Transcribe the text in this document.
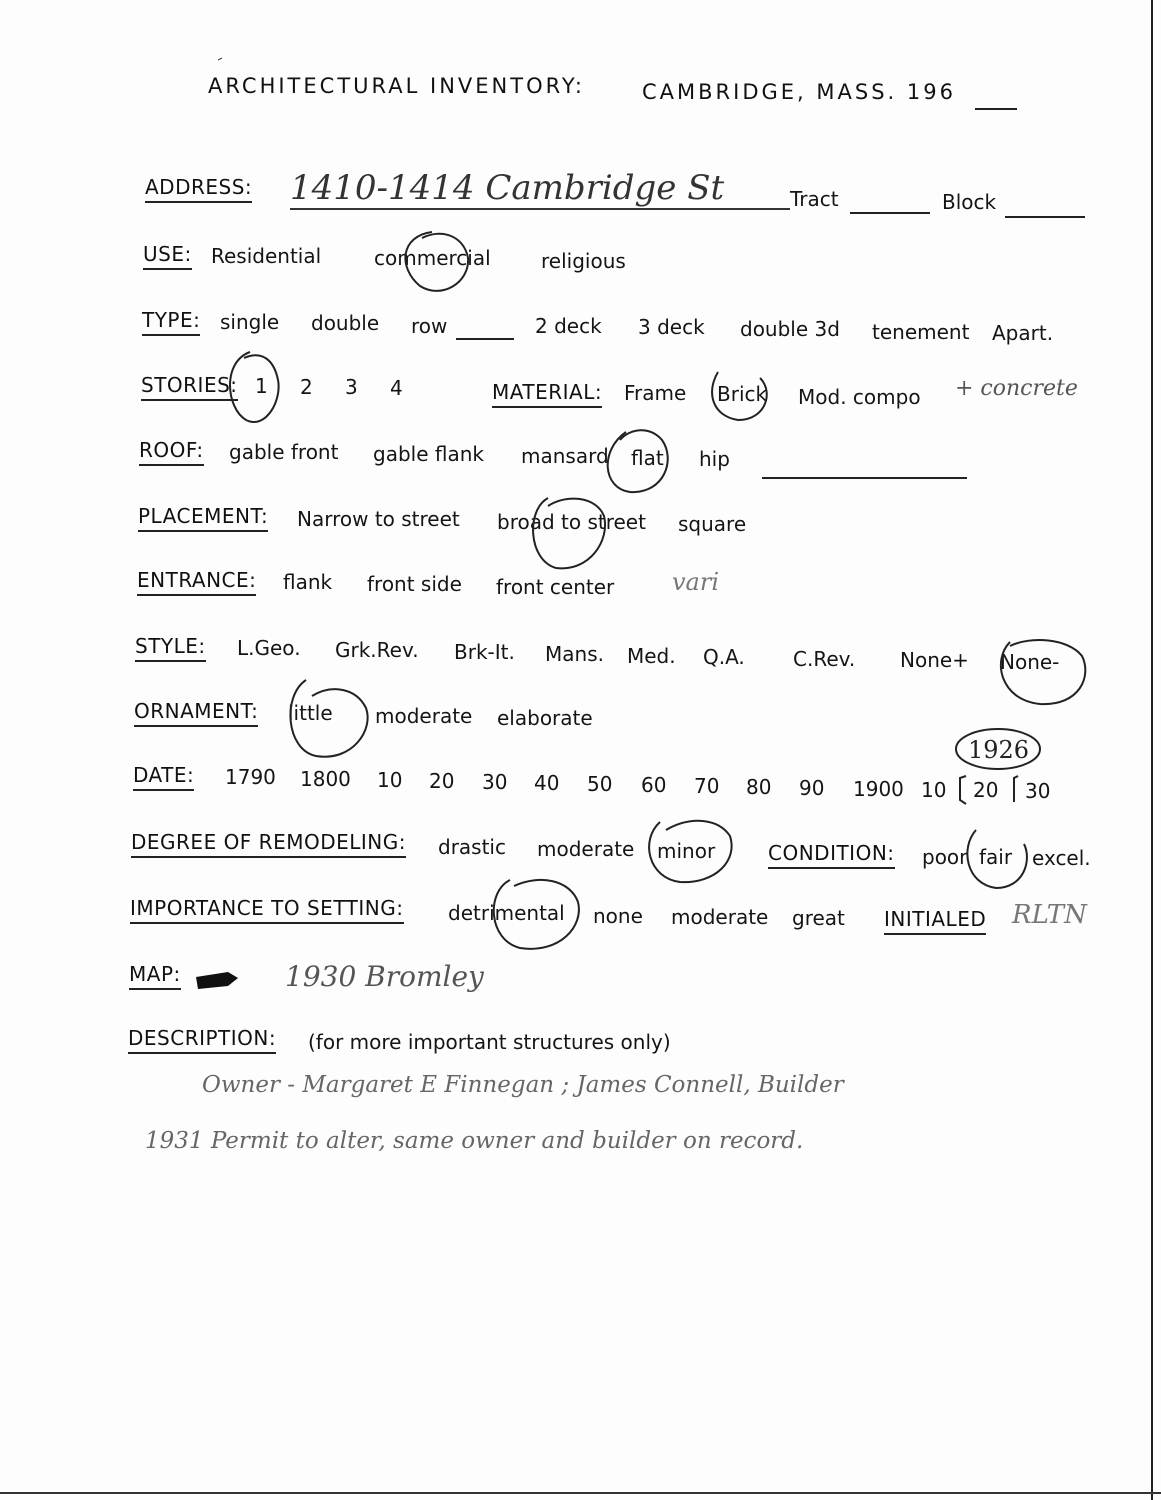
ARCHITECTURAL INVENTORY:	CAMBRIDGE, MASS. 196
ADDRESS: 1410-1414 Cambridge St	Tract	Block
USE: Residential	commercial	religious
TYPE: single double row	2 deck 3 deck double 3d tenement Apart.
STORIES: 1 2 3 4	MATERIAL: Frame Brick Mod. compo + concrete
ROOF: gable front gable flank mansard flat hip
PLACEMENT: Narrow to street broad to street square
ENTRANCE: flank front side front center vari
STYLE: L.Geo. Grk.Rev. Brk-It. Mans. Med. Q.A. C.Rev. None+ None-
ORNAMENT: little moderate elaborate
DATE: 1790 1800 10 20 30 40 50 60 70 80 90 1900 10 20 30
1926
DEGREE OF REMODELING: drastic moderate minor	CONDITION: poor fair excel.
IMPORTANCE TO SETTING: detrimental none moderate great INITIALED RLTN
MAP:	1930 Bromley
DESCRIPTION: (for more important structures only)
Owner - Margaret E Finnegan ; James Connell, Builder
1931 Permit to alter, same owner and builder on record.
